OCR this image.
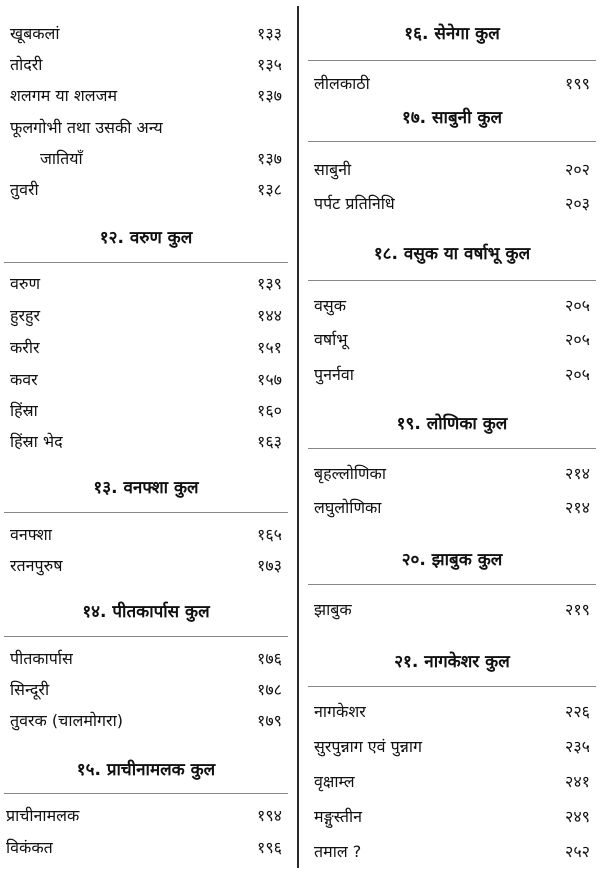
खूबकलां	१३३
तोदरी	१३५
शलगम या शलजम	१३७
फूलगोभी तथा उसकी अन्य
जातियाँ	१३७
तुवरी	१३८
१२. वरुण कुल
वरुण	१३९
हुरहुर	१४४
करीर	१५१
कवर	१५७
हिंस्रा	१६०
हिंस्रा भेद	१६३
१३. वनफ्शा कुल
वनफ्शा	१६५
रतनपुरुष	१७३
१४. पीतकार्पास कुल
पीतकार्पास	१७६
सिन्दूरी	१७८
तुवरक (चालमोगरा)	१७९
१५. प्राचीनामलक कुल
प्राचीनामलक	१९४
विकंकत	१९६
१६. सेनेगा कुल
लीलकाठी	१९९
१७. साबुनी कुल
साबुनी	२०२
पर्पट प्रतिनिधि	२०३
१८. वसुक या वर्षाभू कुल
वसुक	२०५
वर्षाभू	२०५
पुनर्नवा	२०५
१९. लोणिका कुल
बृहल्लोणिका	२१४
लघुलोणिका	२१४
२०. झाबुक कुल
झाबुक	२१९
२१. नागकेशर कुल
नागकेशर	२२६
सुरपुन्नाग एवं पुन्नाग	२३५
वृक्षाम्ल	२४१
मङ्गुस्तीन	२४९
तमाल ?	२५२
